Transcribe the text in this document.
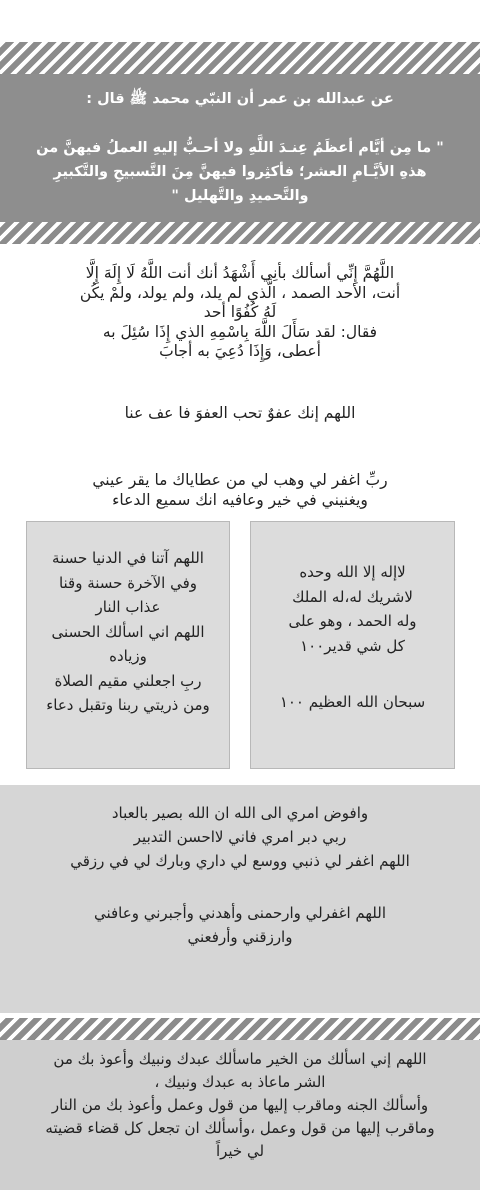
عن عبدالله بن عمر أن النبّي محمد ﷺ قال :
" ما مِن أيَّام أعظَمُ عِنـدَ اللَّهِ ولا أحـبُّ إليهِ العملُ فيهنَّ من
هذهِ الأيَّـامِ العشر؛ فأكثِروا فيهنَّ مِنَ التَّسبيحِ والتَّكبيرِ
والتَّحميدِ والتَّهليل "
اللَّهُمَّ إِنِّي أسألك بأنِي أَشْهَدُ أنك أنت اللَّهُ لَا إِلَهَ إِلَّا
أنت، الأحد الصمد ، الَّذي لم يلد، ولم يولد، ولمْ يكُن
لَهُ كُفُوًا أحد
فقال: لقد سَأَلَ اللَّهَ بِاسْمِهِ الذي إِذَا سُئِلَ به
أعطى، وَإِذَا دُعِيَ به أجابَ
اللهم إنك عفوٌ تحب العفوَ فا عف عنا
ربِّ اغفر لي وهب لي من عطاياك ما يقر عيني
ويغنيني في خير وعافيه انك سميع الدعاء
اللهم آتنا في الدنيا حسنة
وفي الآخرة حسنة وقنا
عذاب النار
اللهم اني اسألك الحسنى
وزياده
ربِ اجعلني مقيم الصلاة
ومن ذريتي ربنا وتقبل دعاء
لاإله إلا الله وحده
لاشريك له،له الملك
وله الحمد ، وهو على
كل شي قدير١٠٠
سبحان الله العظيم ١٠٠
وافوض امري الى الله ان الله بصير بالعباد
ربي دبر امري فاني لااحسن التدبير
اللهم اغفر لي ذنبي ووسع لي داري وبارك لي في رزقي
اللهم اغفرلي وارحمنى وأهدني وأجبرني وعافني
وارزقني وأرفعني
اللهم إني اسألك من الخير ماسألك عبدك ونبيك وأعوذ بك من
الشر ماعاذ به عبدك ونبيك ،
وأسألك الجنه وماقرب إليها من قول وعمل وأعوذ بك من النار
وماقرب إليها من قول وعمل ،وأسألك ان تجعل كل قضاء قضيته
لي خيراً
